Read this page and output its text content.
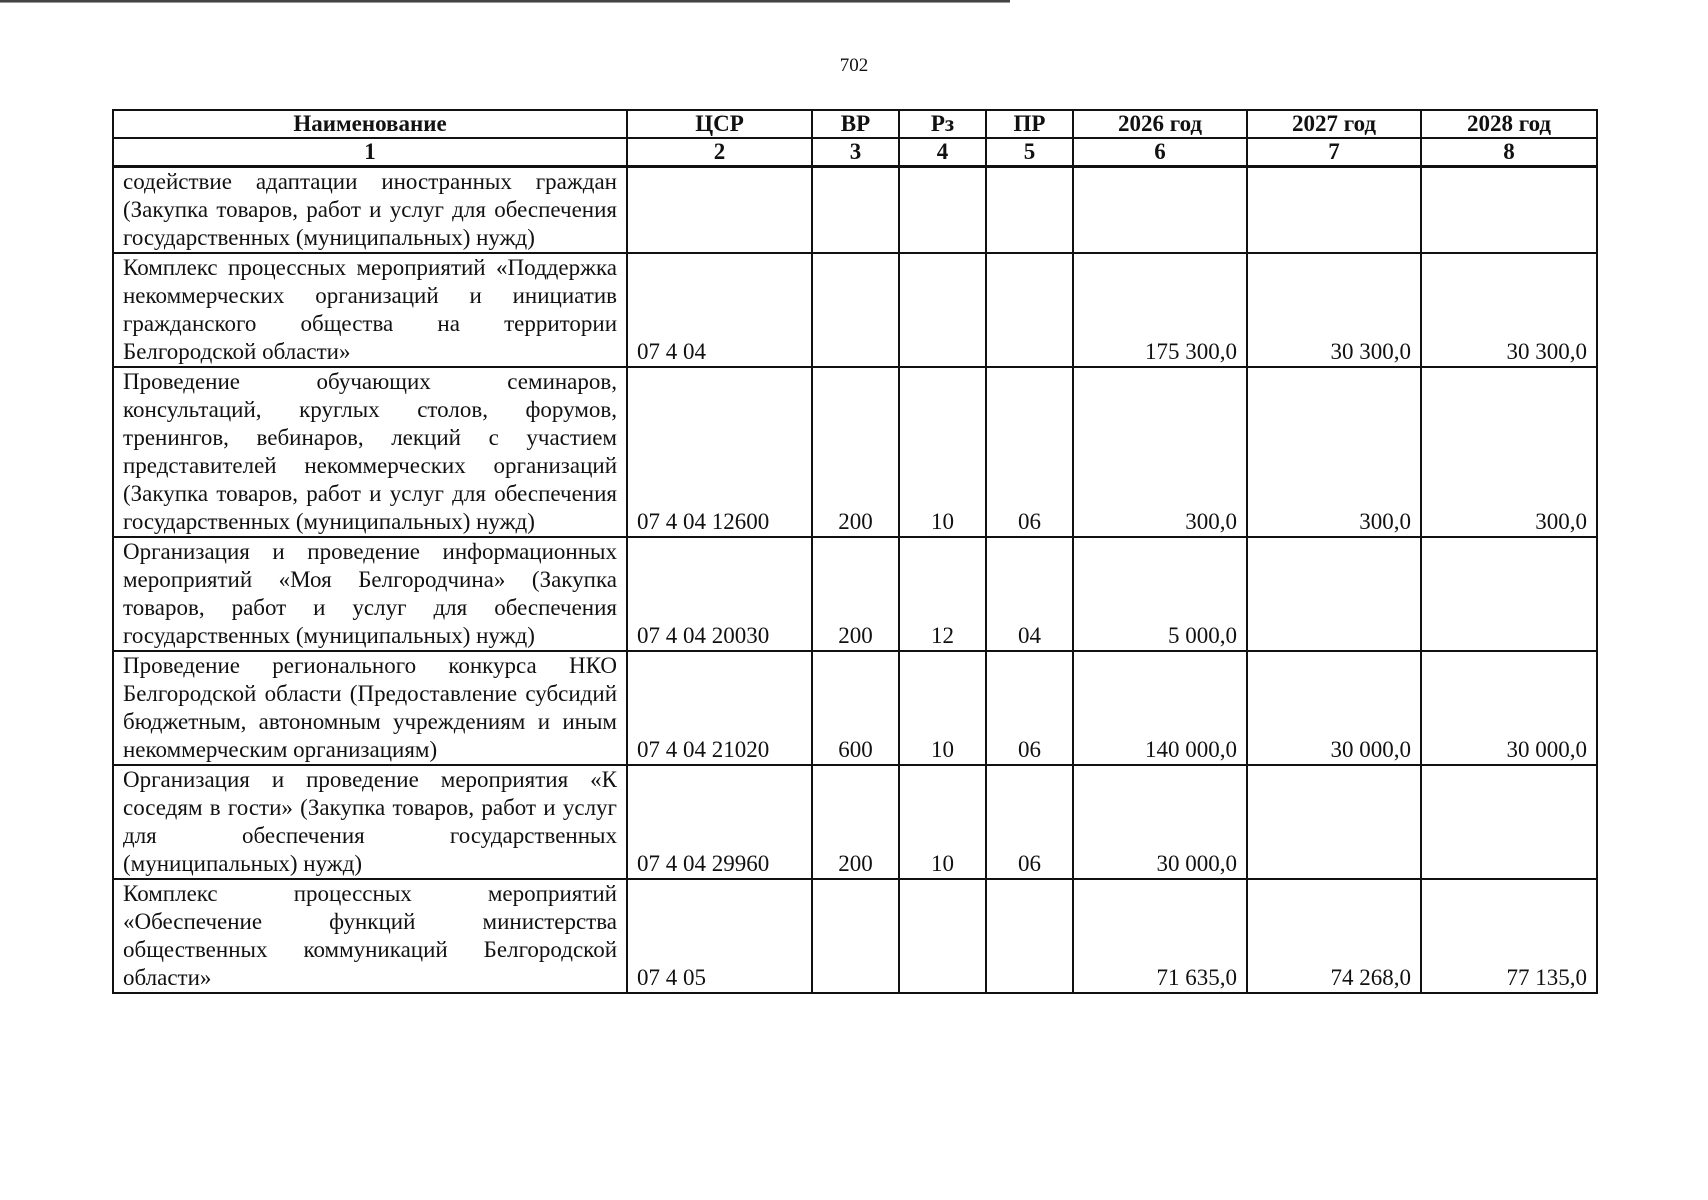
702
Наименование	ЦСР	ВР	Рз	ПР	2026 год	2027 год	2028 год
1	2	3	4	5	6	7	8
содействие адаптации иностранных граждан (Закупка товаров, работ и услуг для обеспечения государственных (муниципальных) нужд)							
Комплекс процессных мероприятий «Поддержка некоммерческих организаций и инициатив гражданского общества на территории Белгородской области»	07 4 04				175 300,0	30 300,0	30 300,0
Проведение обучающих семинаров, консультаций, круглых столов, форумов, тренингов, вебинаров, лекций с участием представителей некоммерческих организаций (Закупка товаров, работ и услуг для обеспечения государственных (муниципальных) нужд)	07 4 04 12600	200	10	06	300,0	300,0	300,0
Организация и проведение информационных мероприятий «Моя Белгородчина» (Закупка товаров, работ и услуг для обеспечения государственных (муниципальных) нужд)	07 4 04 20030	200	12	04	5 000,0		
Проведение регионального конкурса НКО Белгородской области (Предоставление субсидий бюджетным, автономным учреждениям и иным некоммерческим организациям)	07 4 04 21020	600	10	06	140 000,0	30 000,0	30 000,0
Организация и проведение мероприятия «К соседям в гости» (Закупка товаров, работ и услуг для обеспечения государственных (муниципальных) нужд)	07 4 04 29960	200	10	06	30 000,0		
Комплекс процессных мероприятий «Обеспечение функций министерства общественных коммуникаций Белгородской области»	07 4 05				71 635,0	74 268,0	77 135,0
